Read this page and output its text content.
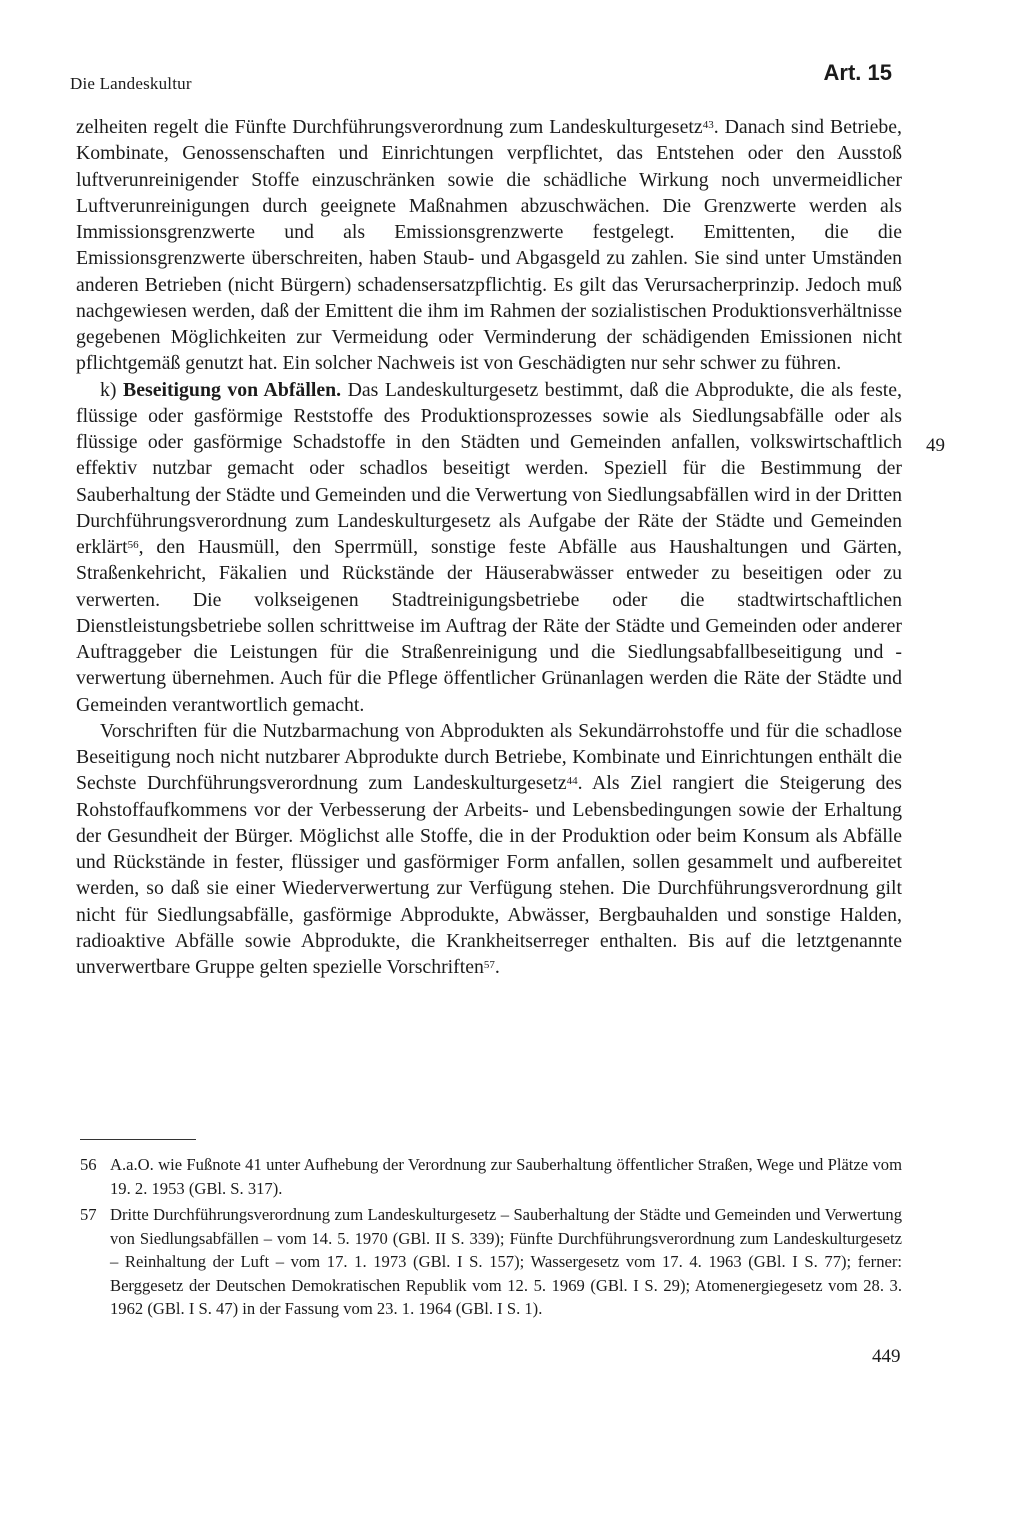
Die Landeskultur	Art. 15

zelheiten regelt die Fünfte Durchführungsverordnung zum Landeskulturgesetz$^{43}$. Danach sind Betriebe, Kombinate, Genossenschaften und Einrichtungen verpflichtet, das Entstehen oder den Ausstoß luftverunreinigender Stoffe einzuschränken sowie die schädliche Wirkung noch unvermeidlicher Luftverunreinigungen durch geeignete Maßnahmen abzuschwächen. Die Grenzwerte werden als Immissionsgrenzwerte und als Emissionsgrenzwerte festgelegt. Emittenten, die die Emissionsgrenzwerte überschreiten, haben Staub- und Abgasgeld zu zahlen. Sie sind unter Umständen anderen Betrieben (nicht Bürgern) schadensersatzpflichtig. Es gilt das Verursacherprinzip. Jedoch muß nachgewiesen werden, daß der Emittent die ihm im Rahmen der sozialistischen Produktionsverhältnisse gegebenen Möglichkeiten zur Vermeidung oder Verminderung der schädigenden Emissionen nicht pflichtgemäß genutzt hat. Ein solcher Nachweis ist von Geschädigten nur sehr schwer zu führen.

k) Beseitigung von Abfällen. Das Landeskulturgesetz bestimmt, daß die Abprodukte, die als feste, flüssige oder gasförmige Reststoffe des Produktionsprozesses sowie als Siedlungsabfälle oder als flüssige oder gasförmige Schadstoffe in den Städten und Gemeinden anfallen, volkswirtschaftlich effektiv nutzbar gemacht oder schadlos beseitigt werden. Speziell für die Bestimmung der Sauberhaltung der Städte und Gemeinden und die Verwertung von Siedlungsabfällen wird in der Dritten Durchführungsverordnung zum Landeskulturgesetz als Aufgabe der Räte der Städte und Gemeinden erklärt$^{56}$, den Hausmüll, den Sperrmüll, sonstige feste Abfälle aus Haushaltungen und Gärten, Straßenkehricht, Fäkalien und Rückstände der Häuserabwässer entweder zu beseitigen oder zu verwerten. Die volkseigenen Stadtreinigungsbetriebe oder die stadtwirtschaftlichen Dienstleistungsbetriebe sollen schrittweise im Auftrag der Räte der Städte und Gemeinden oder anderer Auftraggeber die Leistungen für die Straßenreinigung und die Siedlungsabfallbeseitigung und -verwertung übernehmen. Auch für die Pflege öffentlicher Grünanlagen werden die Räte der Städte und Gemeinden verantwortlich gemacht.

Vorschriften für die Nutzbarmachung von Abprodukten als Sekundärrohstoffe und für die schadlose Beseitigung noch nicht nutzbarer Abprodukte durch Betriebe, Kombinate und Einrichtungen enthält die Sechste Durchführungsverordnung zum Landeskulturgesetz$^{44}$. Als Ziel rangiert die Steigerung des Rohstoffaufkommens vor der Verbesserung der Arbeits- und Lebensbedingungen sowie der Erhaltung der Gesundheit der Bürger. Möglichst alle Stoffe, die in der Produktion oder beim Konsum als Abfälle und Rückstände in fester, flüssiger und gasförmiger Form anfallen, sollen gesammelt und aufbereitet werden, so daß sie einer Wiederverwertung zur Verfügung stehen. Die Durchführungsverordnung gilt nicht für Siedlungsabfälle, gasförmige Abprodukte, Abwässer, Bergbauhalden und sonstige Halden, radioaktive Abfälle sowie Abprodukte, die Krankheitserreger enthalten. Bis auf die letztgenannte unverwertbare Gruppe gelten spezielle Vorschriften$^{57}$.

49
56 A.a.O. wie Fußnote 41 unter Aufhebung der Verordnung zur Sauberhaltung öffentlicher Straßen, Wege und Plätze vom 19. 2. 1953 (GBl. S. 317).
57 Dritte Durchführungsverordnung zum Landeskulturgesetz – Sauberhaltung der Städte und Gemeinden und Verwertung von Siedlungsabfällen – vom 14. 5. 1970 (GBl. II S. 339); Fünfte Durchführungsverordnung zum Landeskulturgesetz – Reinhaltung der Luft – vom 17. 1. 1973 (GBl. I S. 157); Wassergesetz vom 17. 4. 1963 (GBl. I S. 77); ferner: Berggesetz der Deutschen Demokratischen Republik vom 12. 5. 1969 (GBl. I S. 29); Atomenergiegesetz vom 28. 3. 1962 (GBl. I S. 47) in der Fassung vom 23. 1. 1964 (GBl. I S. 1).
449
